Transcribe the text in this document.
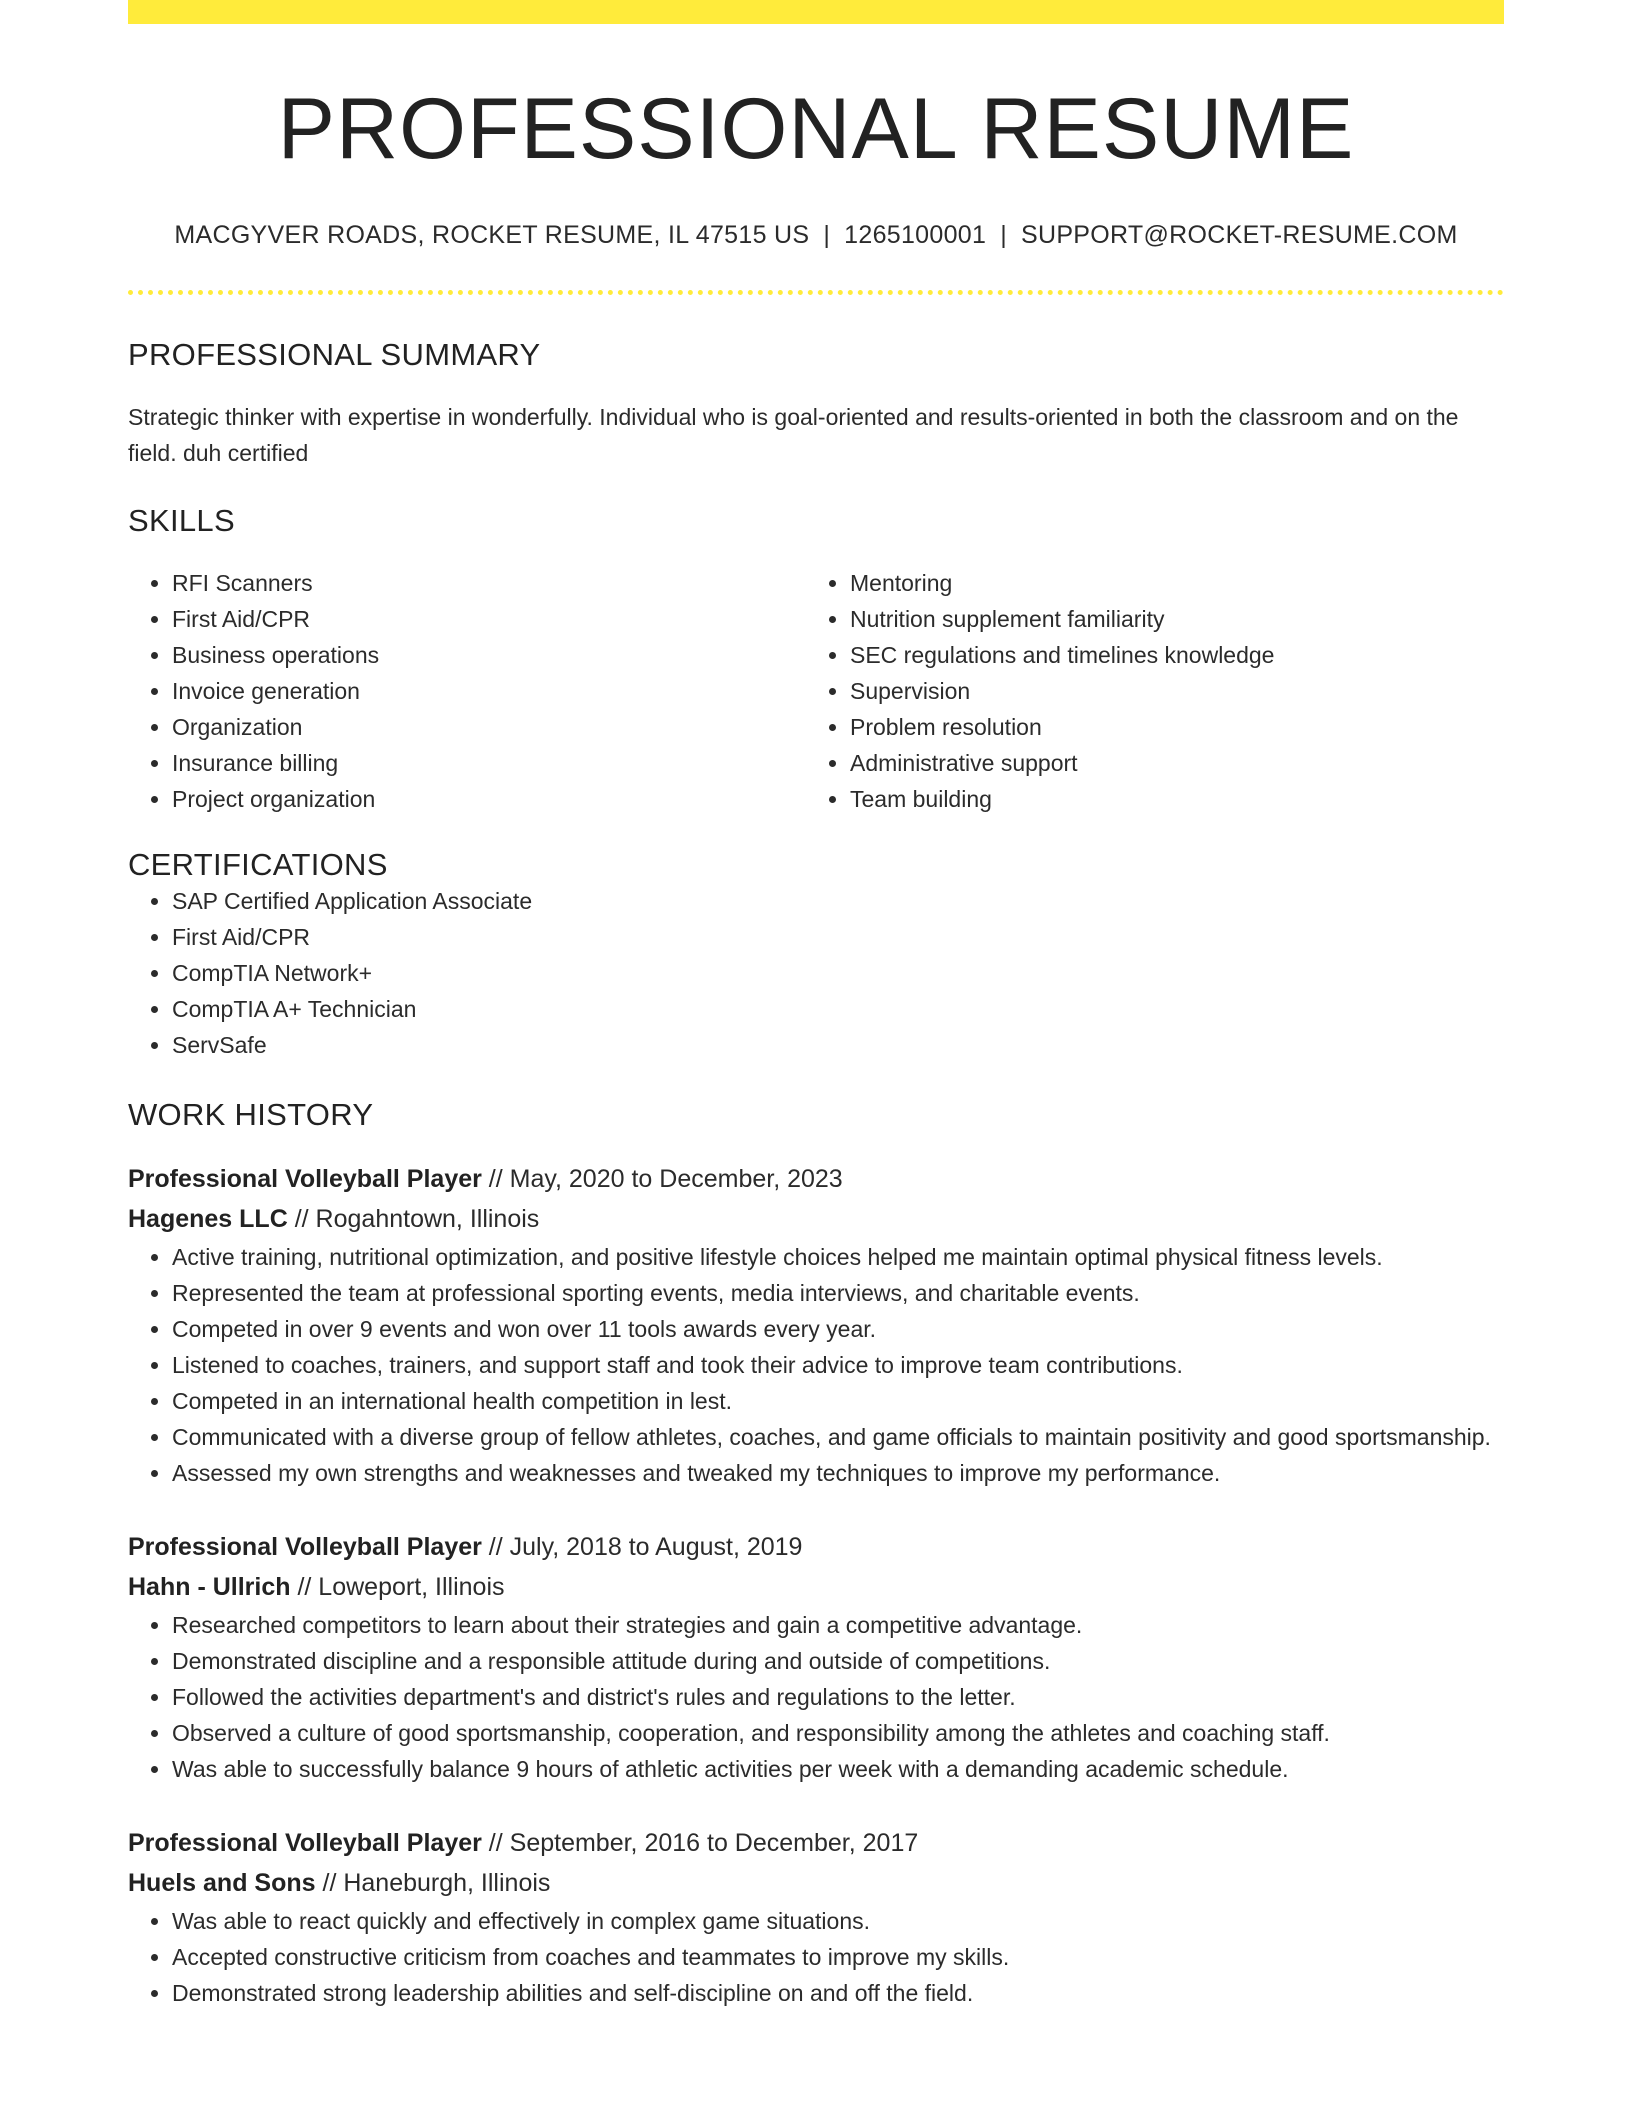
PROFESSIONAL RESUME
MACGYVER ROADS, ROCKET RESUME, IL 47515 US | 1265100001 | SUPPORT@ROCKET-RESUME.COM
PROFESSIONAL SUMMARY
Strategic thinker with expertise in wonderfully. Individual who is goal-oriented and results-oriented in both the classroom and on the field. duh certified
SKILLS
• RFI Scanners
• First Aid/CPR
• Business operations
• Invoice generation
• Organization
• Insurance billing
• Project organization
• Mentoring
• Nutrition supplement familiarity
• SEC regulations and timelines knowledge
• Supervision
• Problem resolution
• Administrative support
• Team building
CERTIFICATIONS
• SAP Certified Application Associate
• First Aid/CPR
• CompTIA Network+
• CompTIA A+ Technician
• ServSafe
WORK HISTORY
Professional Volleyball Player // May, 2020 to December, 2023
Hagenes LLC // Rogahntown, Illinois
• Active training, nutritional optimization, and positive lifestyle choices helped me maintain optimal physical fitness levels.
• Represented the team at professional sporting events, media interviews, and charitable events.
• Competed in over 9 events and won over 11 tools awards every year.
• Listened to coaches, trainers, and support staff and took their advice to improve team contributions.
• Competed in an international health competition in lest.
• Communicated with a diverse group of fellow athletes, coaches, and game officials to maintain positivity and good sportsmanship.
• Assessed my own strengths and weaknesses and tweaked my techniques to improve my performance.
Professional Volleyball Player // July, 2018 to August, 2019
Hahn - Ullrich // Loweport, Illinois
• Researched competitors to learn about their strategies and gain a competitive advantage.
• Demonstrated discipline and a responsible attitude during and outside of competitions.
• Followed the activities department's and district's rules and regulations to the letter.
• Observed a culture of good sportsmanship, cooperation, and responsibility among the athletes and coaching staff.
• Was able to successfully balance 9 hours of athletic activities per week with a demanding academic schedule.
Professional Volleyball Player // September, 2016 to December, 2017
Huels and Sons // Haneburgh, Illinois
• Was able to react quickly and effectively in complex game situations.
• Accepted constructive criticism from coaches and teammates to improve my skills.
• Demonstrated strong leadership abilities and self-discipline on and off the field.
